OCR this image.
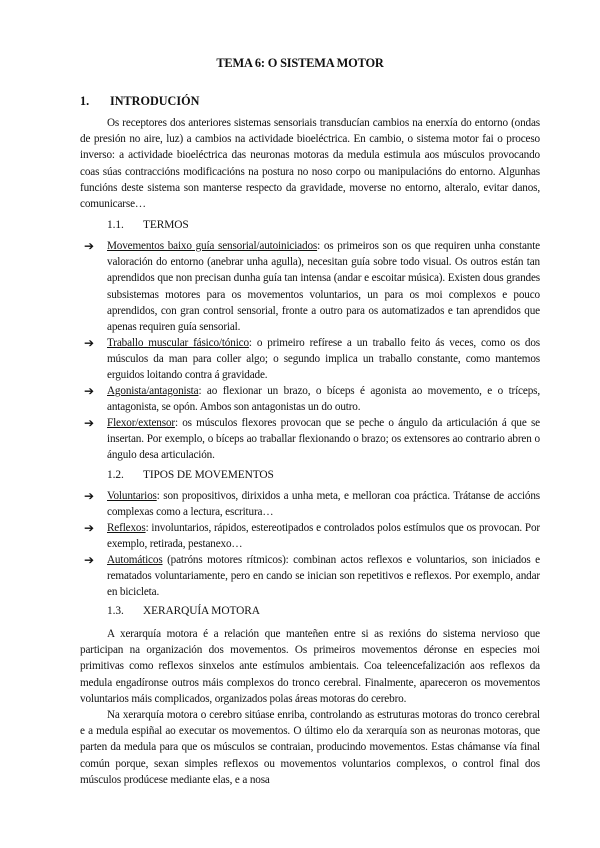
TEMA 6: O SISTEMA MOTOR
1. INTRODUCIÓN

Os receptores dos anteriores sistemas sensoriais transducían cambios na enerxía do entorno (ondas de presión no aire, luz) a cambios na actividade bioeléctrica. En cambio, o sistema motor fai o proceso inverso: a actividade bioeléctrica das neuronas motoras da medula estimula aos músculos provocando coas súas contraccións modificacións na postura no noso corpo ou manipulacións do entorno. Algunhas funcións deste sistema son manterse respecto da gravidade, moverse no entorno, alteralo, evitar danos, comunicarse…

1.1. TERMOS
➔ Movementos baixo guía sensorial/autoiniciados: os primeiros son os que requiren unha constante valoración do entorno (anebrar unha agulla), necesitan guía sobre todo visual. Os outros están tan aprendidos que non precisan dunha guía tan intensa (andar e escoitar música). Existen dous grandes subsistemas motores para os movementos voluntarios, un para os moi complexos e pouco aprendidos, con gran control sensorial, fronte a outro para os automatizados e tan aprendidos que apenas requiren guía sensorial.

➔ Traballo muscular fásico/tónico: o primeiro refírese a un traballo feito ás veces, como os dos músculos da man para coller algo; o segundo implica un traballo constante, como mantemos erguidos loitando contra á gravidade.

➔ Agonista/antagonista: ao flexionar un brazo, o bíceps é agonista ao movemento, e o tríceps, antagonista, se opón. Ambos son antagonistas un do outro.

➔ Flexor/extensor: os músculos flexores provocan que se peche o ángulo da articulación á que se insertan. Por exemplo, o bíceps ao traballar flexionando o brazo; os extensores ao contrario abren o ángulo desa articulación.

1.2. TIPOS DE MOVEMENTOS
➔ Voluntarios: son propositivos, dirixidos a unha meta, e melloran coa práctica. Trátanse de accións complexas como a lectura, escritura…

➔ Reflexos: involuntarios, rápidos, estereotipados e controlados polos estímulos que os provocan. Por exemplo, retirada, pestanexo…

➔ Automáticos (patróns motores rítmicos): combinan actos reflexos e voluntarios, son iniciados e rematados voluntariamente, pero en cando se inician son repetitivos e reflexos. Por exemplo, andar en bicicleta.

1.3. XERARQUÍA MOTORA

A xerarquía motora é a relación que manteñen entre si as rexións do sistema nervioso que participan na organización dos movementos. Os primeiros movementos déronse en especies moi primitivas como reflexos sinxelos ante estímulos ambientais. Coa teleencefalización aos reflexos da medula engadíronse outros máis complexos do tronco cerebral. Finalmente, apareceron os movementos voluntarios máis complicados, organizados polas áreas motoras do cerebro.

Na xerarquía motora o cerebro sitúase enriba, controlando as estruturas motoras do tronco cerebral e a medula espiñal ao executar os movementos. O último elo da xerarquía son as neuronas motoras, que parten da medula para que os músculos se contraian, producindo movementos. Estas chámanse vía final común porque, sexan simples reflexos ou movementos voluntarios complexos, o control final dos músculos prodúcese mediante elas, e a nosa
